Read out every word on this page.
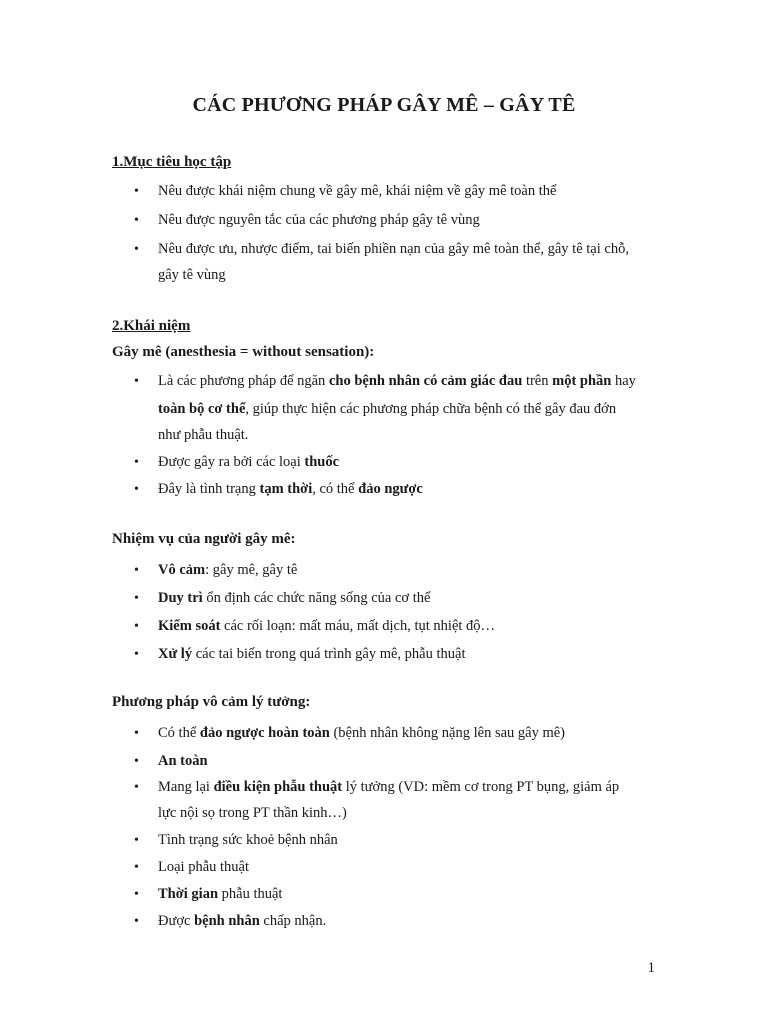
CÁC PHƯƠNG PHÁP GÂY MÊ – GÂY TÊ
1.Mục tiêu học tập
• Nêu được khái niệm chung về gây mê, khái niệm về gây mê toàn thể
• Nêu được nguyên tắc của các phương pháp gây tê vùng
• Nêu được ưu, nhược điểm, tai biến phiền nạn của gây mê toàn thể, gây tê tại chỗ,
gây tê vùng
2.Khái niệm
Gây mê (anesthesia = without sensation):
• Là các phương pháp để ngăn cho bệnh nhân có cảm giác đau trên một phần hay
toàn bộ cơ thể, giúp thực hiện các phương pháp chữa bệnh có thể gây đau đớn
như phẫu thuật.
• Được gây ra bởi các loại thuốc
• Đây là tình trạng tạm thời, có thể đảo ngược
Nhiệm vụ của người gây mê:
• Vô cảm: gây mê, gây tê
• Duy trì ổn định các chức năng sống của cơ thể
• Kiểm soát các rối loạn: mất máu, mất dịch, tụt nhiệt độ…
• Xử lý các tai biến trong quá trình gây mê, phẫu thuật
Phương pháp vô cảm lý tưởng:
• Có thể đảo ngược hoàn toàn (bệnh nhân không nặng lên sau gây mê)
• An toàn
• Mang lại điều kiện phẫu thuật lý tưởng (VD: mềm cơ trong PT bụng, giảm áp
lực nội sọ trong PT thần kinh…)
• Tình trạng sức khoẻ bệnh nhân
• Loại phẫu thuật
• Thời gian phẫu thuật
• Được bệnh nhân chấp nhận.
1
